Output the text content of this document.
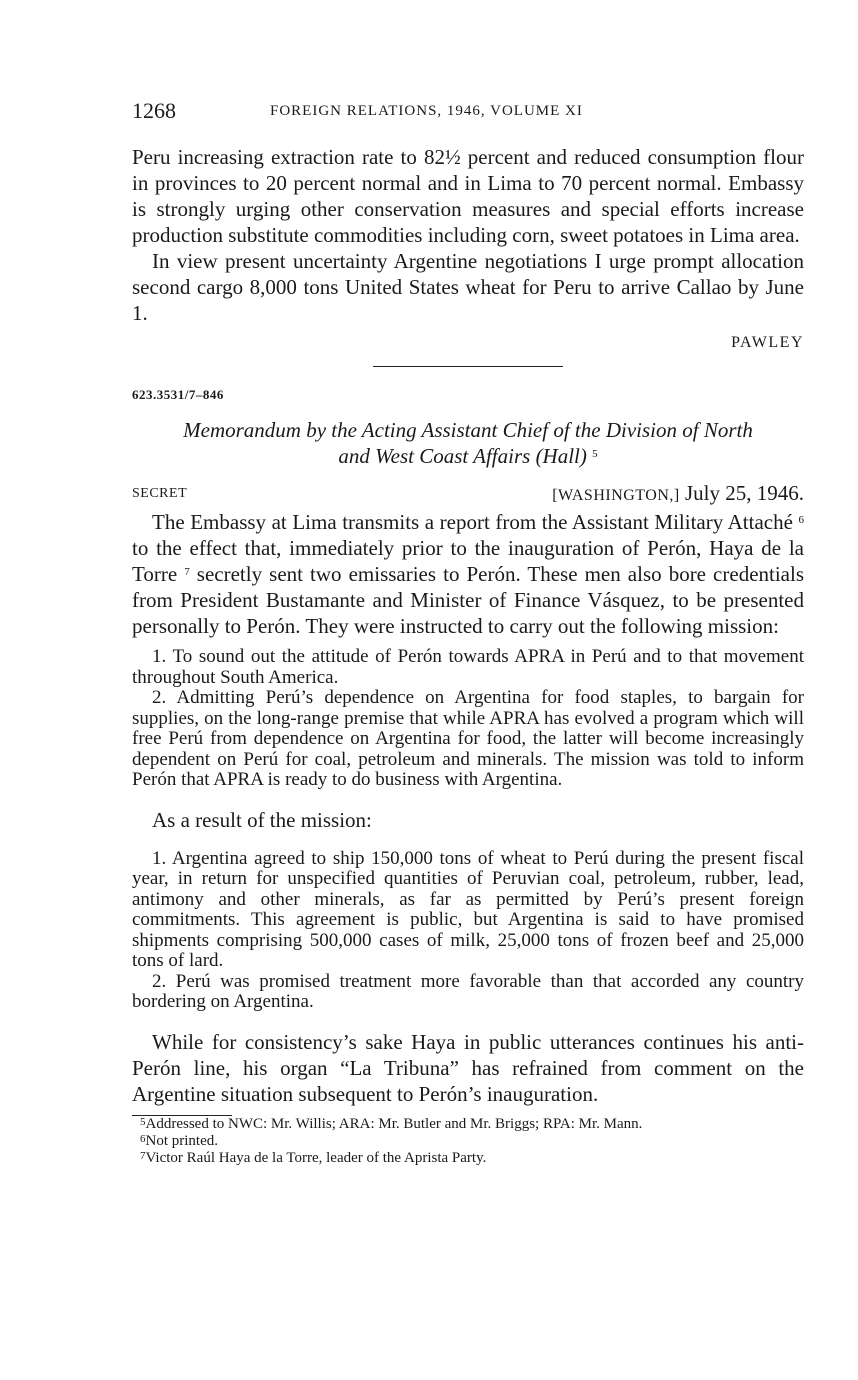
1268	FOREIGN RELATIONS, 1946, VOLUME XI

Peru increasing extraction rate to 82½ percent and reduced consumption flour in provinces to 20 percent normal and in Lima to 70 percent normal. Embassy is strongly urging other conservation measures and special efforts increase production substitute commodities including corn, sweet potatoes in Lima area.

In view present uncertainty Argentine negotiations I urge prompt allocation second cargo 8,000 tons United States wheat for Peru to arrive Callao by June 1.

PAWLEY
623.3531/7–846
Memorandum by the Acting Assistant Chief of the Division of North
and West Coast Affairs (Hall) $^5$
SECRET	[WASHINGTON,] July 25, 1946.

The Embassy at Lima transmits a report from the Assistant Military Attaché $^6$ to the effect that, immediately prior to the inauguration of Perón, Haya de la Torre $^7$ secretly sent two emissaries to Perón. These men also bore credentials from President Bustamante and Minister of Finance Vásquez, to be presented personally to Perón. They were instructed to carry out the following mission:

1. To sound out the attitude of Perón towards APRA in Perú and to that movement throughout South America.

2. Admitting Perú’s dependence on Argentina for food staples, to bargain for supplies, on the long-range premise that while APRA has evolved a program which will free Perú from dependence on Argentina for food, the latter will become increasingly dependent on Perú for coal, petroleum and minerals. The mission was told to inform Perón that APRA is ready to do business with Argentina.

As a result of the mission:

1. Argentina agreed to ship 150,000 tons of wheat to Perú during the present fiscal year, in return for unspecified quantities of Peruvian coal, petroleum, rubber, lead, antimony and other minerals, as far as permitted by Perú’s present foreign commitments. This agreement is public, but Argentina is said to have promised shipments comprising 500,000 cases of milk, 25,000 tons of frozen beef and 25,000 tons of lard.

2. Perú was promised treatment more favorable than that accorded any country bordering on Argentina.

While for consistency’s sake Haya in public utterances continues his anti-Perón line, his organ “La Tribuna” has refrained from comment on the Argentine situation subsequent to Perón’s inauguration.

$^5$Addressed to NWC: Mr. Willis; ARA: Mr. Butler and Mr. Briggs; RPA: Mr. Mann.

$^6$Not printed.

$^7$Victor Raúl Haya de la Torre, leader of the Aprista Party.
